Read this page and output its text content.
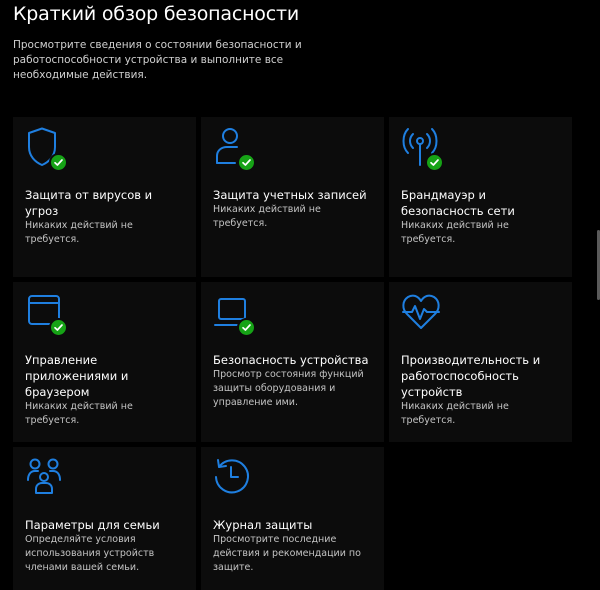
Краткий обзор безопасности
Просмотрите сведения о состоянии безопасности и работоспособности устройства и выполните все необходимые действия.
Защита от вирусов и угроз
Никаких действий не требуется.
Защита учетных записей
Никаких действий не требуется.
Брандмауэр и безопасность сети
Никаких действий не требуется.
Управление приложениями и браузером
Никаких действий не требуется.
Безопасность устройства
Просмотр состояния функций защиты оборудования и управление ими.
Производительность и работоспособность устройств
Никаких действий не требуется.
Параметры для семьи
Определяйте условия использования устройств членами вашей семьи.
Журнал защиты
Просмотрите последние действия и рекомендации по защите.
